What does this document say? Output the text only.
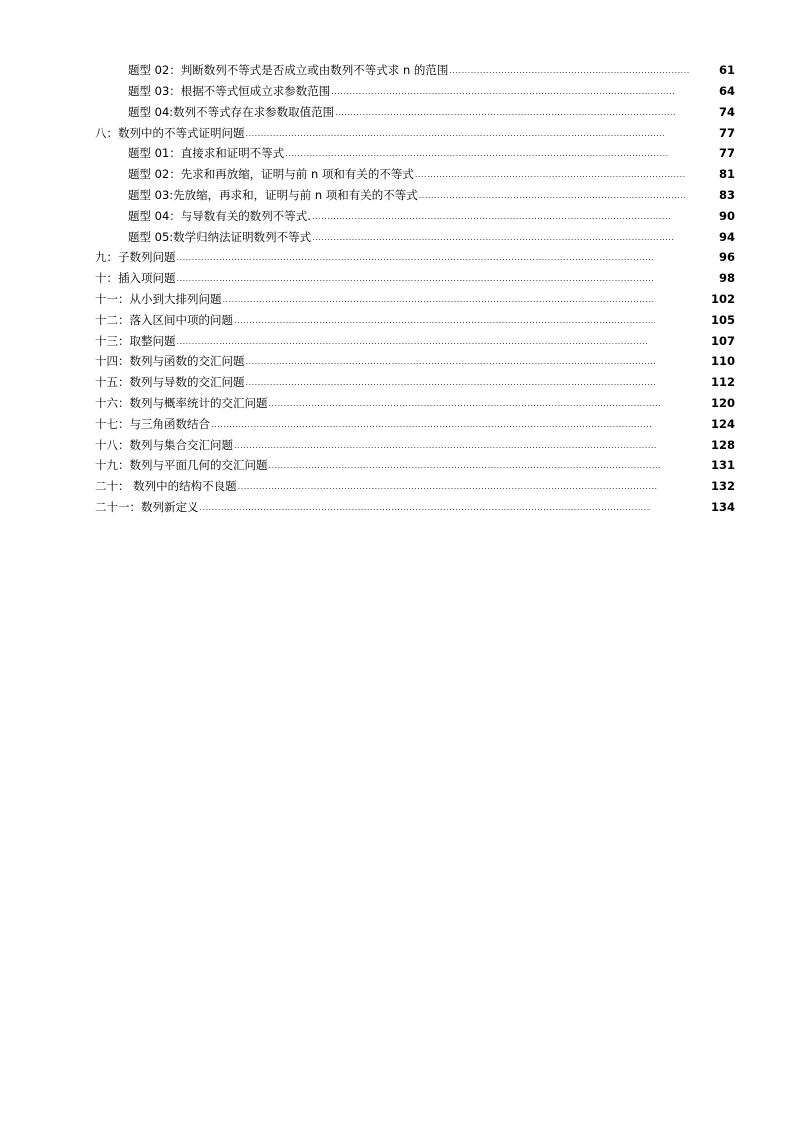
题型 02：判断数列不等式是否成立或由数列不等式求 n 的范围 .....	61
题型 03：根据不等式恒成立求参数范围 .....	64
题型 04:数列不等式存在求参数取值范围 .....	74
八：数列中的不等式证明问题 .....	77
题型 01：直接求和证明不等式 .....	77
题型 02：先求和再放缩，证明与前 n 项和有关的不等式 .....	81
题型 03:先放缩，再求和，证明与前 n 项和有关的不等式 .....	83
题型 04：与导数有关的数列不等式. .....	90
题型 05:数学归纳法证明数列不等式 .....	94
九：子数列问题 .....	96
十：插入项问题 .....	98
十一：从小到大排列问题 .....	102
十二：落入区间中项的问题 .....	105
十三：取整问题 .....	107
十四：数列与函数的交汇问题 .....	110
十五：数列与导数的交汇问题 .....	112
十六：数列与概率统计的交汇问题 .....	120
十七：与三角函数结合 .....	124
十八：数列与集合交汇问题 .....	128
十九：数列与平面几何的交汇问题 .....	131
二十： 数列中的结构不良题 .....	132
二十一：数列新定义 .....	134
